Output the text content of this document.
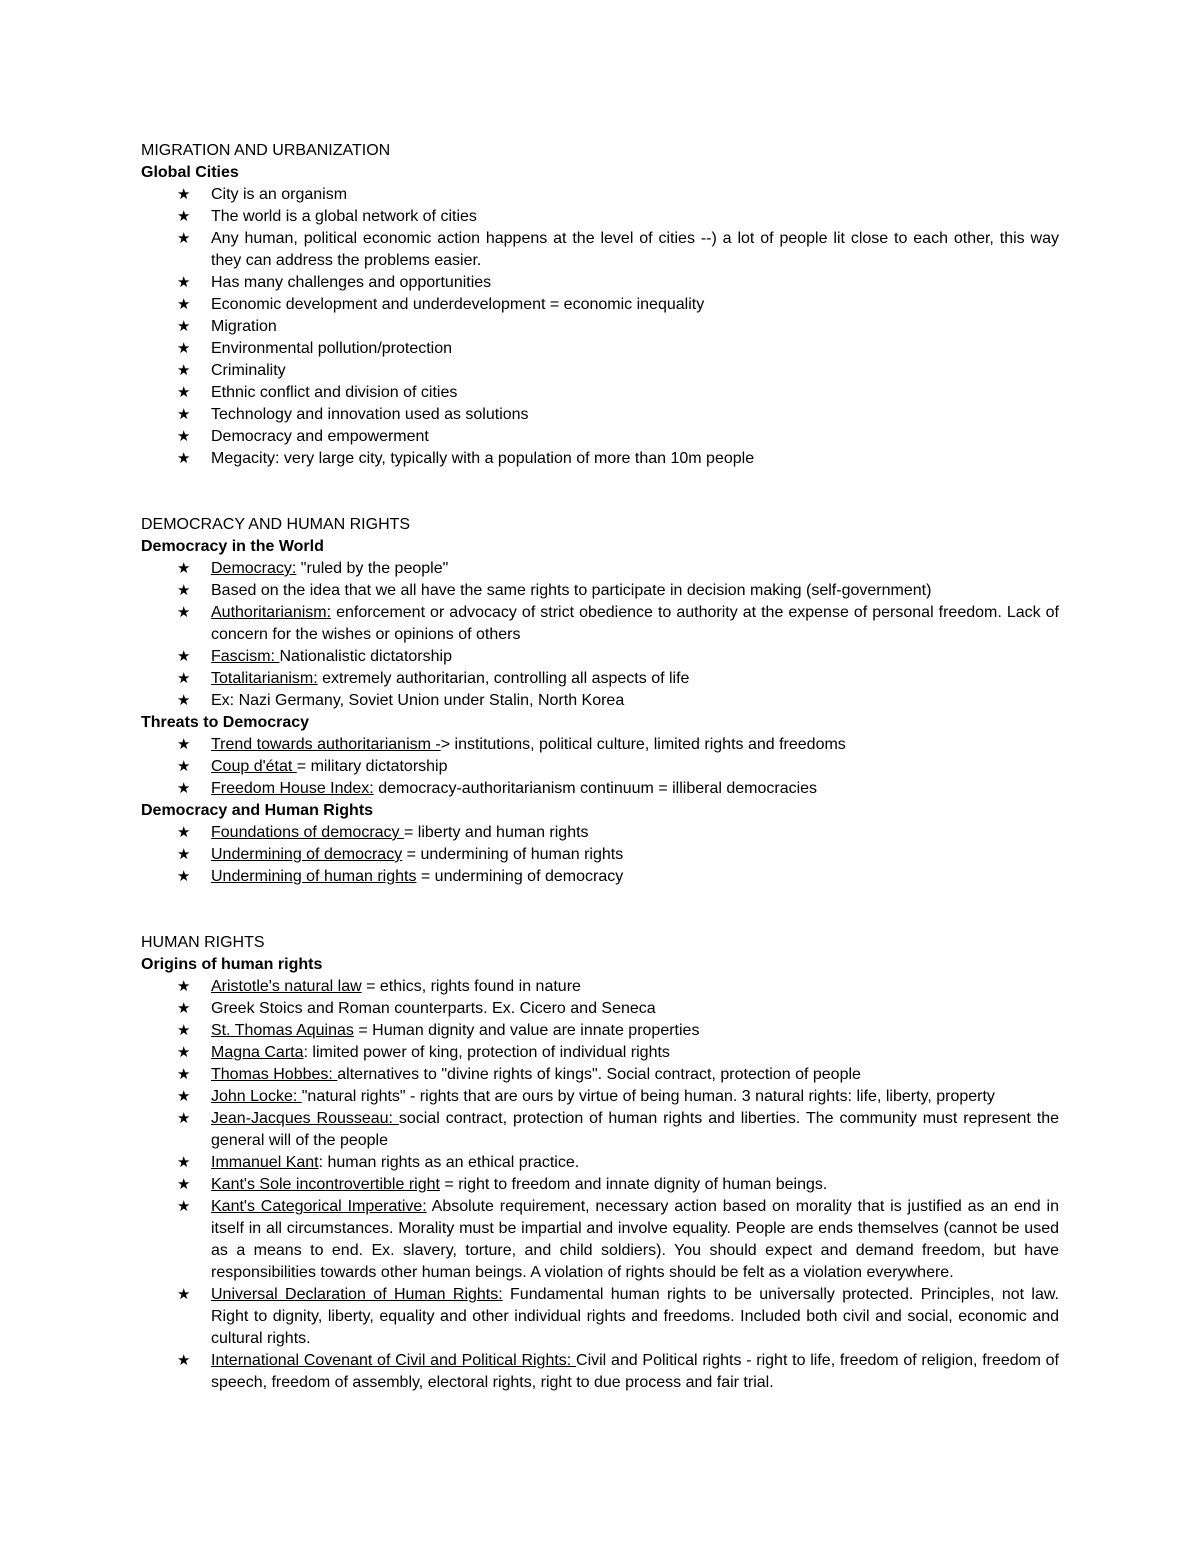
MIGRATION AND URBANIZATION
Global Cities
★ City is an organism
★ The world is a global network of cities
★ Any human, political economic action happens at the level of cities --) a lot of people lit close to each other, this way they can address the problems easier.
★ Has many challenges and opportunities
★ Economic development and underdevelopment = economic inequality
★ Migration
★ Environmental pollution/protection
★ Criminality
★ Ethnic conflict and division of cities
★ Technology and innovation used as solutions
★ Democracy and empowerment
★ Megacity: very large city, typically with a population of more than 10m people
DEMOCRACY AND HUMAN RIGHTS
Democracy in the World
★ Democracy: "ruled by the people"
★ Based on the idea that we all have the same rights to participate in decision making (self-government)
★ Authoritarianism: enforcement or advocacy of strict obedience to authority at the expense of personal freedom. Lack of concern for the wishes or opinions of others
★ Fascism: Nationalistic dictatorship
★ Totalitarianism: extremely authoritarian, controlling all aspects of life
★ Ex: Nazi Germany, Soviet Union under Stalin, North Korea
Threats to Democracy
★ Trend towards authoritarianism -> institutions, political culture, limited rights and freedoms
★ Coup d'état = military dictatorship
★ Freedom House Index: democracy-authoritarianism continuum = illiberal democracies
Democracy and Human Rights
★ Foundations of democracy = liberty and human rights
★ Undermining of democracy = undermining of human rights
★ Undermining of human rights = undermining of democracy
HUMAN RIGHTS
Origins of human rights
★ Aristotle's natural law = ethics, rights found in nature
★ Greek Stoics and Roman counterparts. Ex. Cicero and Seneca
★ St. Thomas Aquinas = Human dignity and value are innate properties
★ Magna Carta: limited power of king, protection of individual rights
★ Thomas Hobbes: alternatives to "divine rights of kings". Social contract, protection of people
★ John Locke: "natural rights" - rights that are ours by virtue of being human. 3 natural rights: life, liberty, property
★ Jean-Jacques Rousseau: social contract, protection of human rights and liberties. The community must represent the general will of the people
★ Immanuel Kant: human rights as an ethical practice.
★ Kant's Sole incontrovertible right = right to freedom and innate dignity of human beings.
★ Kant's Categorical Imperative: Absolute requirement, necessary action based on morality that is justified as an end in itself in all circumstances. Morality must be impartial and involve equality. People are ends themselves (cannot be used as a means to end. Ex. slavery, torture, and child soldiers). You should expect and demand freedom, but have responsibilities towards other human beings. A violation of rights should be felt as a violation everywhere.
★ Universal Declaration of Human Rights: Fundamental human rights to be universally protected. Principles, not law. Right to dignity, liberty, equality and other individual rights and freedoms. Included both civil and social, economic and cultural rights.
★ International Covenant of Civil and Political Rights: Civil and Political rights - right to life, freedom of religion, freedom of speech, freedom of assembly, electoral rights, right to due process and fair trial.
